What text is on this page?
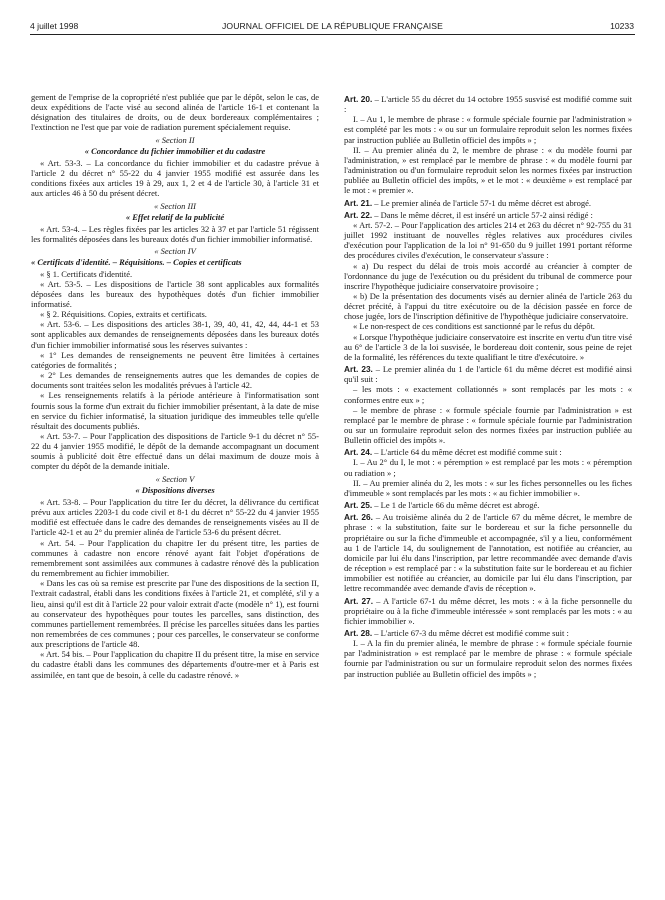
4 juillet 1998	JOURNAL OFFICIEL DE LA RÉPUBLIQUE FRANÇAISE	10233

gement de l'emprise de la copropriété n'est publiée que par le dépôt, selon le cas, de deux expéditions de l'acte visé au second alinéa de l'article 16-1 et contenant la désignation des titulaires de droits, ou de deux bordereaux complémentaires ; l'extinction ne l'est que par voie de radiation purement spécialement requise.

« Section II

« Concordance du fichier immobilier et du cadastre

« Art. 53-3. – La concordance du fichier immobilier et du cadastre prévue à l'article 2 du décret n° 55-22 du 4 janvier 1955 modifié est assurée dans les conditions fixées aux articles 19 à 29, aux 1, 2 et 4 de l'article 30, à l'article 31 et aux articles 46 à 50 du présent décret.

« Section III

« Effet relatif de la publicité

« Art. 53-4. – Les règles fixées par les articles 32 à 37 et par l'article 51 régissent les formalités déposées dans les bureaux dotés d'un fichier immobilier informatisé.

« Section IV

« Certificats d'identité. – Réquisitions. – Copies et certificats

« § 1. Certificats d'identité.

« Art. 53-5. – Les dispositions de l'article 38 sont applicables aux formalités déposées dans les bureaux des hypothèques dotés d'un fichier immobilier informatisé.

« § 2. Réquisitions. Copies, extraits et certificats.

« Art. 53-6. – Les dispositions des articles 38-1, 39, 40, 41, 42, 44, 44-1 et 53 sont applicables aux demandes de renseignements déposées dans les bureaux dotés d'un fichier immobilier informatisé sous les réserves suivantes :

« 1° Les demandes de renseignements ne peuvent être limitées à certaines catégories de formalités ;

« 2° Les demandes de renseignements autres que les demandes de copies de documents sont traitées selon les modalités prévues à l'article 42.

« Les renseignements relatifs à la période antérieure à l'informatisation sont fournis sous la forme d'un extrait du fichier immobilier présentant, à la date de mise en service du fichier informatisé, la situation juridique des immeubles telle qu'elle résultait des documents publiés.

« Art. 53-7. – Pour l'application des dispositions de l'article 9-1 du décret n° 55-22 du 4 janvier 1955 modifié, le dépôt de la demande accompagnant un document soumis à publicité doit être effectué dans un délai maximum de douze mois à compter du dépôt de la demande initiale.

« Section V

« Dispositions diverses

« Art. 53-8. – Pour l'application du titre Ier du décret, la délivrance du certificat prévu aux articles 2203-1 du code civil et 8-1 du décret n° 55-22 du 4 janvier 1955 modifié est effectuée dans le cadre des demandes de renseignements visées au II de l'article 42-1 et au 2° du premier alinéa de l'article 53-6 du présent décret.

« Art. 54. – Pour l'application du chapitre Ier du présent titre, les parties de communes à cadastre non encore rénové ayant fait l'objet d'opérations de remembrement sont assimilées aux communes à cadastre rénové dès la publication du remembrement au fichier immobilier.

« Dans les cas où sa remise est prescrite par l'une des dispositions de la section II, l'extrait cadastral, établi dans les conditions fixées à l'article 21, et complété, s'il y a lieu, ainsi qu'il est dit à l'article 22 pour valoir extrait d'acte (modèle n° 1), est fourni au conservateur des hypothèques pour toutes les parcelles, sans distinction, des communes partiellement remembrées. Il précise les parcelles situées dans les parties non remembrées de ces communes ; pour ces parcelles, le conservateur se conforme aux prescriptions de l'article 48.

« Art. 54 bis. – Pour l'application du chapitre II du présent titre, la mise en service du cadastre établi dans les communes des départements d'outre-mer et à Paris est assimilée, en tant que de besoin, à celle du cadastre rénové. »

Art. 20. – L'article 55 du décret du 14 octobre 1955 susvisé est modifié comme suit :

I. – Au 1, le membre de phrase : « formule spéciale fournie par l'administration » est complété par les mots : « ou sur un formulaire reproduit selon les normes fixées par instruction publiée au Bulletin officiel des impôts » ;

II. – Au premier alinéa du 2, le membre de phrase : « du modèle fourni par l'administration, » est remplacé par le membre de phrase : « du modèle fourni par l'administration ou d'un formulaire reproduit selon les normes fixées par instruction publiée au Bulletin officiel des impôts, » et le mot : « deuxième » est remplacé par le mot : « premier ».

Art. 21. – Le premier alinéa de l'article 57-1 du même décret est abrogé.

Art. 22. – Dans le même décret, il est inséré un article 57-2 ainsi rédigé :

« Art. 57-2. – Pour l'application des articles 214 et 263 du décret n° 92-755 du 31 juillet 1992 instituant de nouvelles règles relatives aux procédures civiles d'exécution pour l'application de la loi n° 91-650 du 9 juillet 1991 portant réforme des procédures civiles d'exécution, le conservateur s'assure :

« a) Du respect du délai de trois mois accordé au créancier à compter de l'ordonnance du juge de l'exécution ou du président du tribunal de commerce pour inscrire l'hypothèque judiciaire conservatoire provisoire ;

« b) De la présentation des documents visés au dernier alinéa de l'article 263 du décret précité, à l'appui du titre exécutoire ou de la décision passée en force de chose jugée, lors de l'inscription définitive de l'hypothèque judiciaire conservatoire.

« Le non-respect de ces conditions est sanctionné par le refus du dépôt.

« Lorsque l'hypothèque judiciaire conservatoire est inscrite en vertu d'un titre visé au 6° de l'article 3 de la loi susvisée, le bordereau doit contenir, sous peine de rejet de la formalité, les références du texte qualifiant le titre d'exécutoire. »

Art. 23. – Le premier alinéa du 1 de l'article 61 du même décret est modifié ainsi qu'il suit :

– les mots : « exactement collationnés » sont remplacés par les mots : « conformes entre eux » ;

– le membre de phrase : « formule spéciale fournie par l'administration » est remplacé par le membre de phrase : « formule spéciale fournie par l'administration ou sur un formulaire reproduit selon des normes fixées par instruction publiée au Bulletin officiel des impôts ».

Art. 24. – L'article 64 du même décret est modifié comme suit :

I. – Au 2° du I, le mot : « péremption » est remplacé par les mots : « péremption ou radiation » ;

II. – Au premier alinéa du 2, les mots : « sur les fiches personnelles ou les fiches d'immeuble » sont remplacés par les mots : « au fichier immobilier ».

Art. 25. – Le 1 de l'article 66 du même décret est abrogé.

Art. 26. – Au troisième alinéa du 2 de l'article 67 du même décret, le membre de phrase : « la substitution, faite sur le bordereau et sur la fiche personnelle du propriétaire ou sur la fiche d'immeuble et accompagnée, s'il y a lieu, conformément au 1 de l'article 14, du soulignement de l'annotation, est notifiée au créancier, au domicile par lui élu dans l'inscription, par lettre recommandée avec demande d'avis de réception » est remplacé par : « la substitution faite sur le bordereau et au fichier immobilier est notifiée au créancier, au domicile par lui élu dans l'inscription, par lettre recommandée avec demande d'avis de réception ».

Art. 27. – A l'article 67-1 du même décret, les mots : « à la fiche personnelle du propriétaire ou à la fiche d'immeuble intéressée » sont remplacés par les mots : « au fichier immobilier ».

Art. 28. – L'article 67-3 du même décret est modifié comme suit :

I. – A la fin du premier alinéa, le membre de phrase : « formule spéciale fournie par l'administration » est remplacé par le membre de phrase : « formule spéciale fournie par l'administration ou sur un formulaire reproduit selon des normes fixées par instruction publiée au Bulletin officiel des impôts » ;
